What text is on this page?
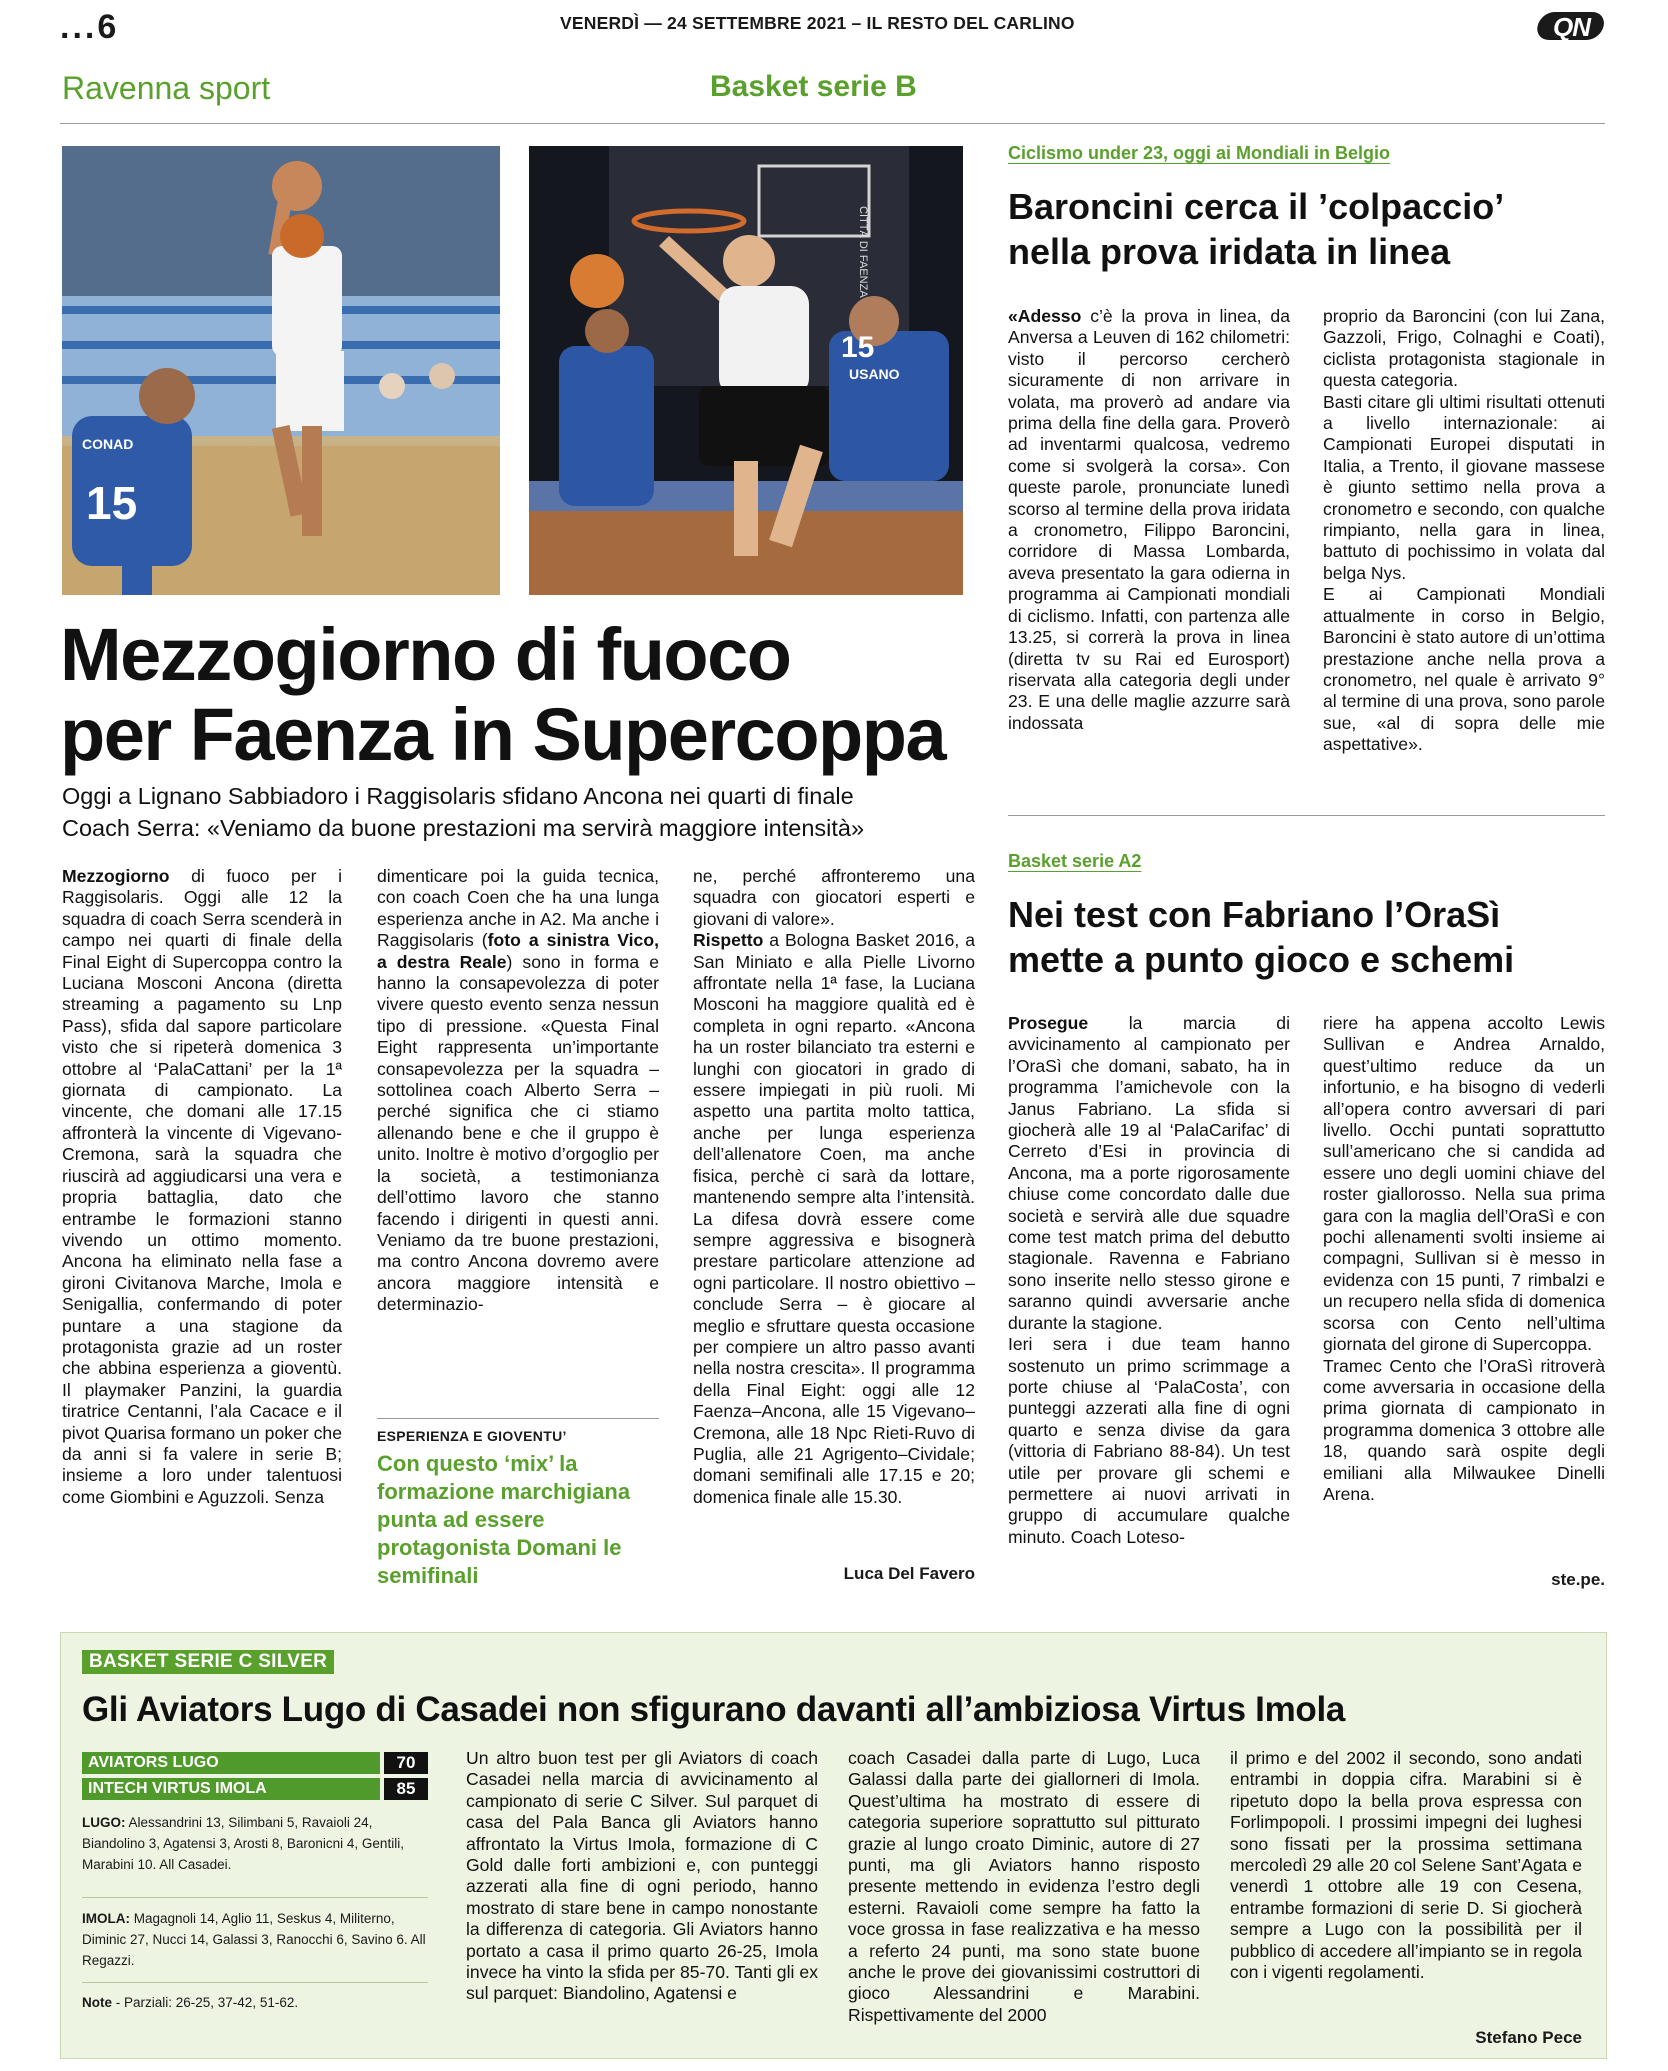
...6	VENERDÌ — 24 SETTEMBRE 2021 – IL RESTO DEL CARLINO	QN
Ravenna sport	Basket serie B
15
CONAD
CITTÀ DI FAENZA
15
USANO
Mezzogiorno di fuoco
per Faenza in Supercoppa
Oggi a Lignano Sabbiadoro i Raggisolaris sfidano Ancona nei quarti di finale
Coach Serra: «Veniamo da buone prestazioni ma servirà maggiore intensità»

Mezzogiorno di fuoco per i Raggisolaris. Oggi alle 12 la squadra di coach Serra scenderà in campo nei quarti di finale della Final Eight di Supercoppa contro la Luciana Mosconi Ancona (diretta streaming a pagamento su Lnp Pass), sfida dal sapore particolare visto che si ripeterà domenica 3 ottobre al ‘PalaCattani’ per la 1ª giornata di campionato. La vincente, che domani alle 17.15 affronterà la vincente di Vigevano-Cremona, sarà la squadra che riuscirà ad aggiudicarsi una vera e propria battaglia, dato che entrambe le formazioni stanno vivendo un ottimo momento. Ancona ha eliminato nella fase a gironi Civitanova Marche, Imola e Senigallia, confermando di poter puntare a una stagione da protagonista grazie ad un roster che abbina esperienza a gioventù. Il playmaker Panzini, la guardia tiratrice Centanni, l’ala Cacace e il pivot Quarisa formano un poker che da anni si fa valere in serie B; insieme a loro under talentuosi come Giombini e Aguzzoli. Senza

dimenticare poi la guida tecnica, con coach Coen che ha una lunga esperienza anche in A2. Ma anche i Raggisolaris (foto a sinistra Vico, a destra Reale) sono in forma e hanno la consapevolezza di poter vivere questo evento senza nessun tipo di pressione. «Questa Final Eight rappresenta un’importante consapevolezza per la squadra – sottolinea coach Alberto Serra – perché significa che ci stiamo allenando bene e che il gruppo è unito. Inoltre è motivo d’orgoglio per la società, a testimonianza dell’ottimo lavoro che stanno facendo i dirigenti in questi anni. Veniamo da tre buone prestazioni, ma contro Ancona dovremo avere ancora maggiore intensità e determinazio-

ESPERIENZA E GIOVENTU’
Con questo ‘mix’ la formazione marchigiana punta ad essere protagonista Domani le semifinali

ne, perché affronteremo una squadra con giocatori esperti e giovani di valore».

Rispetto a Bologna Basket 2016, a San Miniato e alla Pielle Livorno affrontate nella 1ª fase, la Luciana Mosconi ha maggiore qualità ed è completa in ogni reparto. «Ancona ha un roster bilanciato tra esterni e lunghi con giocatori in grado di essere impiegati in più ruoli. Mi aspetto una partita molto tattica, anche per lunga esperienza dell’allenatore Coen, ma anche fisica, perchè ci sarà da lottare, mantenendo sempre alta l’intensità. La difesa dovrà essere come sempre aggressiva e bisognerà prestare particolare attenzione ad ogni particolare. Il nostro obiettivo – conclude Serra – è giocare al meglio e sfruttare questa occasione per compiere un altro passo avanti nella nostra crescita». Il programma della Final Eight: oggi alle 12 Faenza–Ancona, alle 15 Vigevano–Cremona, alle 18 Npc Rieti-Ruvo di Puglia, alle 21 Agrigento–Cividale; domani semifinali alle 17.15 e 20; domenica finale alle 15.30.

Luca Del Favero
Ciclismo under 23, oggi ai Mondiali in Belgio
Baroncini cerca il ’colpaccio’
nella prova iridata in linea

«Adesso c’è la prova in linea, da Anversa a Leuven di 162 chilometri: visto il percorso cercherò sicuramente di non arrivare in volata, ma proverò ad andare via prima della fine della gara. Proverò ad inventarmi qualcosa, vedremo come si svolgerà la corsa». Con queste parole, pronunciate lunedì scorso al termine della prova iridata a cronometro, Filippo Baroncini, corridore di Massa Lombarda, aveva presentato la gara odierna in programma ai Campionati mondiali di ciclismo. Infatti, con partenza alle 13.25, si correrà la prova in linea (diretta tv su Rai ed Eurosport) riservata alla categoria degli under 23. E una delle maglie azzurre sarà indossata

proprio da Baroncini (con lui Zana, Gazzoli, Frigo, Colnaghi e Coati), ciclista protagonista stagionale in questa categoria.

Basti citare gli ultimi risultati ottenuti a livello internazionale: ai Campionati Europei disputati in Italia, a Trento, il giovane massese è giunto settimo nella prova a cronometro e secondo, con qualche rimpianto, nella gara in linea, battuto di pochissimo in volata dal belga Nys.

E ai Campionati Mondiali attualmente in corso in Belgio, Baroncini è stato autore di un’ottima prestazione anche nella prova a cronometro, nel quale è arrivato 9° al termine di una prova, sono parole sue, «al di sopra delle mie aspettative».

Basket serie A2
Nei test con Fabriano l’OraSì
mette a punto gioco e schemi

Prosegue la marcia di avvicinamento al campionato per l’OraSì che domani, sabato, ha in programma l’amichevole con la Janus Fabriano. La sfida si giocherà alle 19 al ‘PalaCarifac’ di Cerreto d’Esi in provincia di Ancona, ma a porte rigorosamente chiuse come concordato dalle due società e servirà alle due squadre come test match prima del debutto stagionale. Ravenna e Fabriano sono inserite nello stesso girone e saranno quindi avversarie anche durante la stagione.

Ieri sera i due team hanno sostenuto un primo scrimmage a porte chiuse al ‘PalaCosta’, con punteggi azzerati alla fine di ogni quarto e senza divise da gara (vittoria di Fabriano 88-84). Un test utile per provare gli schemi e permettere ai nuovi arrivati in gruppo di accumulare qualche minuto. Coach Loteso-

riere ha appena accolto Lewis Sullivan e Andrea Arnaldo, quest’ultimo reduce da un infortunio, e ha bisogno di vederli all’opera contro avversari di pari livello. Occhi puntati soprattutto sull’americano che si candida ad essere uno degli uomini chiave del roster giallorosso. Nella sua prima gara con la maglia dell’OraSì e con pochi allenamenti svolti insieme ai compagni, Sullivan si è messo in evidenza con 15 punti, 7 rimbalzi e un recupero nella sfida di domenica scorsa con Cento nell’ultima giornata del girone di Supercoppa.

Tramec Cento che l’OraSì ritroverà come avversaria in occasione della prima giornata di campionato in programma domenica 3 ottobre alle 18, quando sarà ospite degli emiliani alla Milwaukee Dinelli Arena.

ste.pe.
BASKET SERIE C SILVER
Gli Aviators Lugo di Casadei non sfigurano davanti all’ambiziosa Virtus Imola
AVIATORS LUGO	70
INTECH VIRTUS IMOLA	85
LUGO: Alessandrini 13, Silimbani 5, Ravaioli 24, Biandolino 3, Agatensi 3, Arosti 8, Baronicni 4, Gentili, Marabini 10. All Casadei.
IMOLA: Magagnoli 14, Aglio 11, Seskus 4, Militerno, Diminic 27, Nucci 14, Galassi 3, Ranocchi 6, Savino 6. All Regazzi.
Note - Parziali: 26-25, 37-42, 51-62.

Un altro buon test per gli Aviators di coach Casadei nella marcia di avvicinamento al campionato di serie C Silver. Sul parquet di casa del Pala Banca gli Aviators hanno affrontato la Virtus Imola, formazione di C Gold dalle forti ambizioni e, con punteggi azzerati alla fine di ogni periodo, hanno mostrato di stare bene in campo nonostante la differenza di categoria. Gli Aviators hanno portato a casa il primo quarto 26-25, Imola invece ha vinto la sfida per 85-70. Tanti gli ex sul parquet: Biandolino, Agatensi e

coach Casadei dalla parte di Lugo, Luca Galassi dalla parte dei giallorneri di Imola. Quest’ultima ha mostrato di essere di categoria superiore soprattutto sul pitturato grazie al lungo croato Diminic, autore di 27 punti, ma gli Aviators hanno risposto presente mettendo in evidenza l’estro degli esterni. Ravaioli come sempre ha fatto la voce grossa in fase realizzativa e ha messo a referto 24 punti, ma sono state buone anche le prove dei giovanissimi costruttori di gioco Alessandrini e Marabini. Rispettivamente del 2000

il primo e del 2002 il secondo, sono andati entrambi in doppia cifra. Marabini si è ripetuto dopo la bella prova espressa con Forlimpopoli. I prossimi impegni dei lughesi sono fissati per la prossima settimana mercoledì 29 alle 20 col Selene Sant’Agata e venerdì 1 ottobre alle 19 con Cesena, entrambe formazioni di serie D. Si giocherà sempre a Lugo con la possibilità per il pubblico di accedere all’impianto se in regola con i vigenti regolamenti.

Stefano Pece
